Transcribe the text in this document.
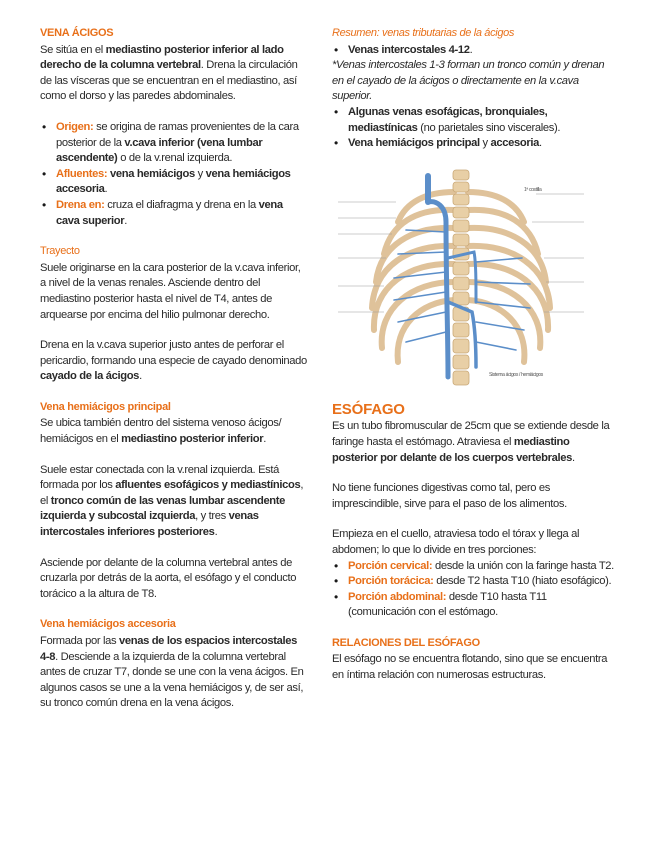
VENA ÁCIGOS

Se sitúa en el mediastino posterior inferior al lado derecho de la columna vertebral. Drena la circulación de las vísceras que se encuentran en el mediastino, así como el dorso y las paredes abdominales.

• Origen: se origina de ramas provenientes de la cara posterior de la v.cava inferior (vena lumbar ascendente) o de la v.renal izquierda.
• Afluentes: vena hemiácigos y vena hemiácigos accesoria.
• Drena en: cruza el diafragma y drena en la vena cava superior.

Trayecto

Suele originarse en la cara posterior de la v.cava inferior, a nivel de la venas renales. Asciende dentro del mediastino posterior hasta el nivel de T4, antes de arquearse por encima del hilio pulmonar derecho.

Drena en la v.cava superior justo antes de perforar el pericardio, formando una especie de cayado denominado cayado de la ácigos.

Vena hemiácigos principal

Se ubica también dentro del sistema venoso ácigos/ hemiácigos en el mediastino posterior inferior.

Suele estar conectada con la v.renal izquierda. Está formada por los afluentes esofágicos y mediastínicos, el tronco común de las venas lumbar ascendente izquierda y subcostal izquierda, y tres venas intercostales inferiores posteriores.

Asciende por delante de la columna vertebral antes de cruzarla por detrás de la aorta, el esófago y el conducto torácico a la altura de T8.

Vena hemiácigos accesoria

Formada por las venas de los espacios intercostales 4-8. Desciende a la izquierda de la columna vertebral antes de cruzar T7, donde se une con la vena ácigos. En algunos casos se une a la vena hemiácigos y, de ser así, su tronco común drena en la vena ácigos.

Resumen: venas tributarias de la ácigos

• Venas intercostales 4-12.

*Venas intercostales 1-3 forman un tronco común y drenan en el cayado de la ácigos o directamente en la v.cava superior.

• Algunas venas esofágicas, bronquiales, mediastínicas (no parietales sino viscerales).
• Vena hemiácigos principal y accesoria.
1ª costilla
Sistema ácigos / hemiácigos
ESÓFAGO

Es un tubo fibromuscular de 25cm que se extiende desde la faringe hasta el estómago. Atraviesa el mediastino posterior por delante de los cuerpos vertebrales.

No tiene funciones digestivas como tal, pero es imprescindible, sirve para el paso de los alimentos.

Empieza en el cuello, atraviesa todo el tórax y llega al abdomen; lo que lo divide en tres porciones:

• Porción cervical: desde la unión con la faringe hasta T2.
• Porción torácica: desde T2 hasta T10 (hiato esofágico).
• Porción abdominal: desde T10 hasta T11 (comunicación con el estómago.
RELACIONES DEL ESÓFAGO

El esófago no se encuentra flotando, sino que se encuentra en íntima relación con numerosas estructuras.
